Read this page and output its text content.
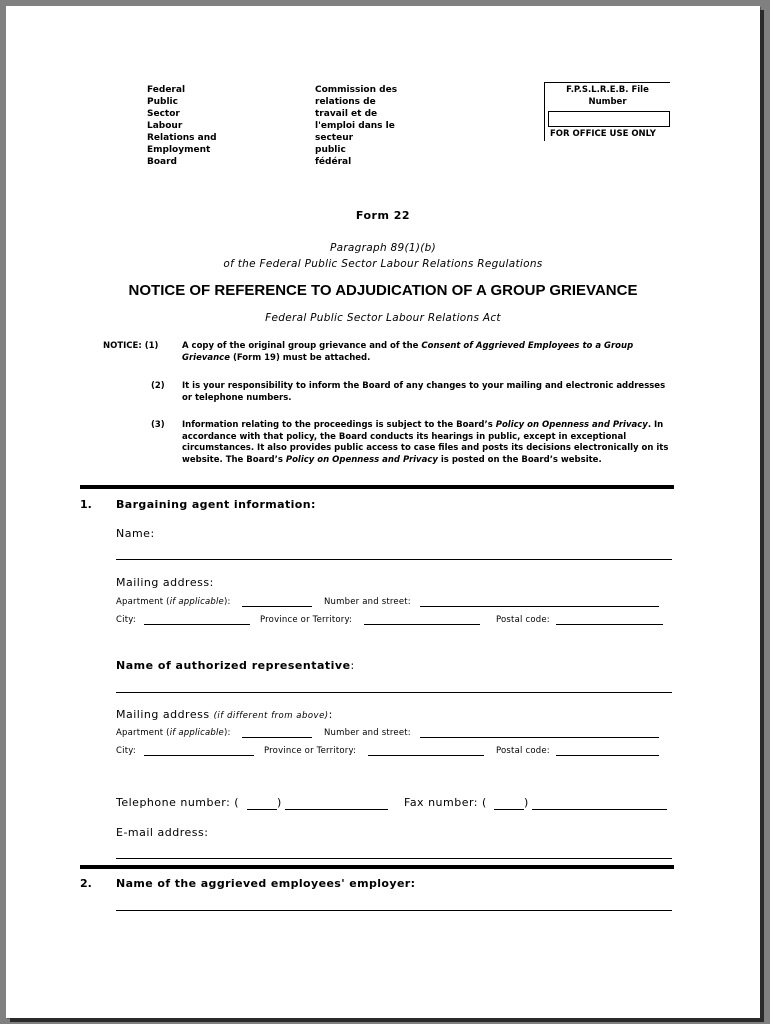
Federal
Public
Sector
Labour
Relations and
Employment
Board
Commission des
relations de
travail et de
l'emploi dans le
secteur
public
fédéral
F.P.S.L.R.E.B. File
Number
FOR OFFICE USE ONLY
Form 22
Paragraph 89(1)(b)
of the Federal Public Sector Labour Relations Regulations
NOTICE OF REFERENCE TO ADJUDICATION OF A GROUP GRIEVANCE
Federal Public Sector Labour Relations Act
NOTICE: (1)	A copy of the original group grievance and of the Consent of Aggrieved Employees to a Group Grievance (Form 19) must be attached.
(2) It is your responsibility to inform the Board of any changes to your mailing and electronic addresses or telephone numbers.
(3) Information relating to the proceedings is subject to the Board’s Policy on Openness and Privacy. In accordance with that policy, the Board conducts its hearings in public, except in exceptional circumstances. It also provides public access to case files and posts its decisions electronically on its website. The Board’s Policy on Openness and Privacy is posted on the Board’s website.
1. Bargaining agent information:
Name:
Mailing address:
Apartment (if applicable):	Number and street:
City:	Province or Territory:	Postal code:
Name of authorized representative:
Mailing address (if different from above):
Apartment (if applicable):	Number and street:
City:	Province or Territory:	Postal code:
Telephone number: (	)	Fax number: (	)
E-mail address:
2. Name of the aggrieved employees' employer:
